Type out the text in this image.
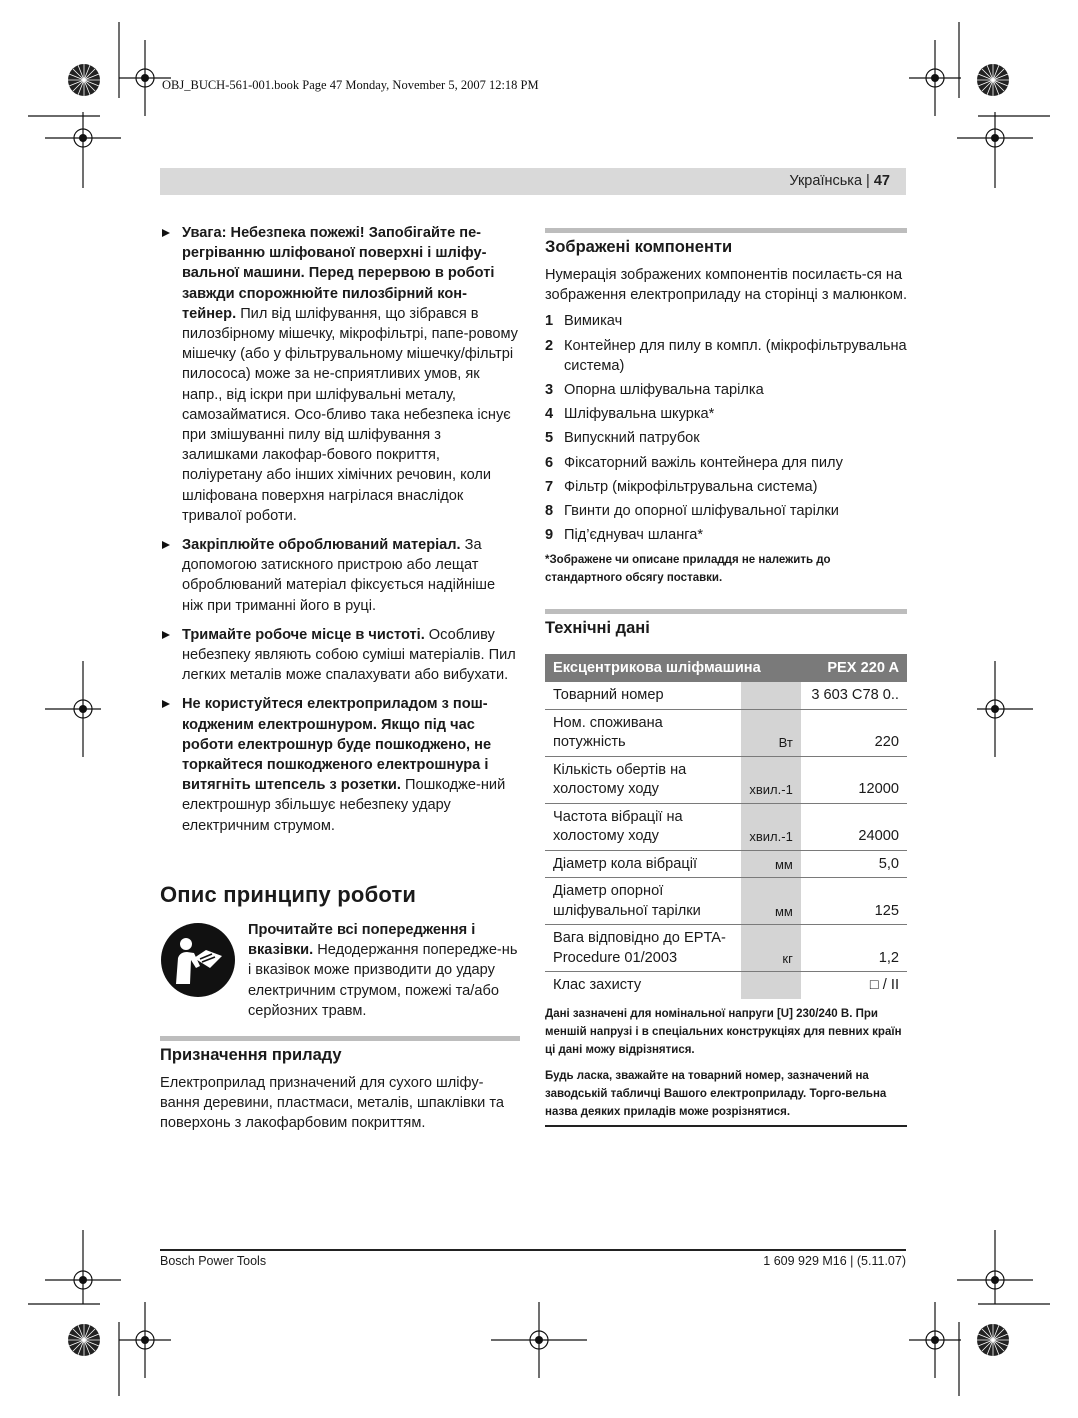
OBJ_BUCH-561-001.book Page 47 Monday, November 5, 2007 12:18 PM
Українська | 47
Увага: Небезпека пожежі! Запобігайте пе-регріванню шліфованої поверхні і шліфу-вальної машини. Перед перервою в роботі завжди спорожнюйте пилозбірний кон-тейнер. Пил від шліфування, що зібрався в пилозбірному мішечку, мікрофільтрі, папе-ровому мішечку (або у фільтрувальному мішечку/фільтрі пилососа) може за не-сприятливих умов, як напр., від іскри при шліфувальні металу, самозайматися. Осо-бливо така небезпека існує при змішуванні пилу від шліфування з залишками лакофар-бового покриття, поліуретану або інших хімічних речовин, коли шліфована поверхня нагрілася внаслідок тривалої роботи.
Закріплюйте оброблюваний матеріал. За допомогою затискного пристрою або лещат оброблюваний матеріал фіксується надійніше ніж при триманні його в руці.
Тримайте робоче місце в чистоті. Особливу небезпеку являють собою суміші матеріалів. Пил легких металів може спалахувати або вибухати.
Не користуйтеся електроприладом з пош-кодженим електрошнуром. Якщо під час роботи електрошнур буде пошкоджено, не торкайтеся пошкодженого електрошнура і витягніть штепсель з розетки. Пошкодже-ний електрошнур збільшує небезпеку удару електричним струмом.
Опис принципу роботи
Прочитайте всі попередження і вказівки. Недодержання попередже-нь і вказівок може призводити до удару електричним струмом, пожежі та/або серйозних травм.
Призначення приладу
Електроприлад призначений для сухого шліфу-вання деревини, пластмаси, металів, шпаклівки та поверхонь з лакофарбовим покриттям.
Зображені компоненти
Нумерація зображених компонентів посилаєть-ся на зображення електроприладу на сторінці з малюнком.
1 Вимикач
2 Контейнер для пилу в компл. (мікрофільтрувальна система)
3 Опорна шліфувальна тарілка
4 Шліфувальна шкурка*
5 Випускний патрубок
6 Фіксаторний важіль контейнера для пилу
7 Фільтр (мікрофільтрувальна система)
8 Гвинти до опорної шліфувальної тарілки
9 Під’єднувач шланга*
*Зображене чи описане приладдя не належить до стандартного обсягу поставки.
Технічні дані
Ексцентрикова шліфмашина		PEX 220 A
Товарний номер		3 603 C78 0..
Ном. споживана потужність	Вт	220
Кількість обертів на холостому ходу	хвил.-1	12000
Частота вібрації на холостому ходу	хвил.-1	24000
Діаметр кола вібрації	мм	5,0
Діаметр опорної шліфувальної тарілки	мм	125
Вага відповідно до EPTA-Procedure 01/2003	кг	1,2
Клас захисту		□ / II
Дані зазначені для номінальної напруги [U] 230/240 В. При меншій напрузі і в спеціальних конструкціях для певних країн ці дані можу відрізнятися.
Будь ласка, зважайте на товарний номер, зазначений на заводській табличці Вашого електроприладу. Торго-вельна назва деяких приладів може розрізнятися.
Bosch Power Tools	1 609 929 M16 | (5.11.07)
